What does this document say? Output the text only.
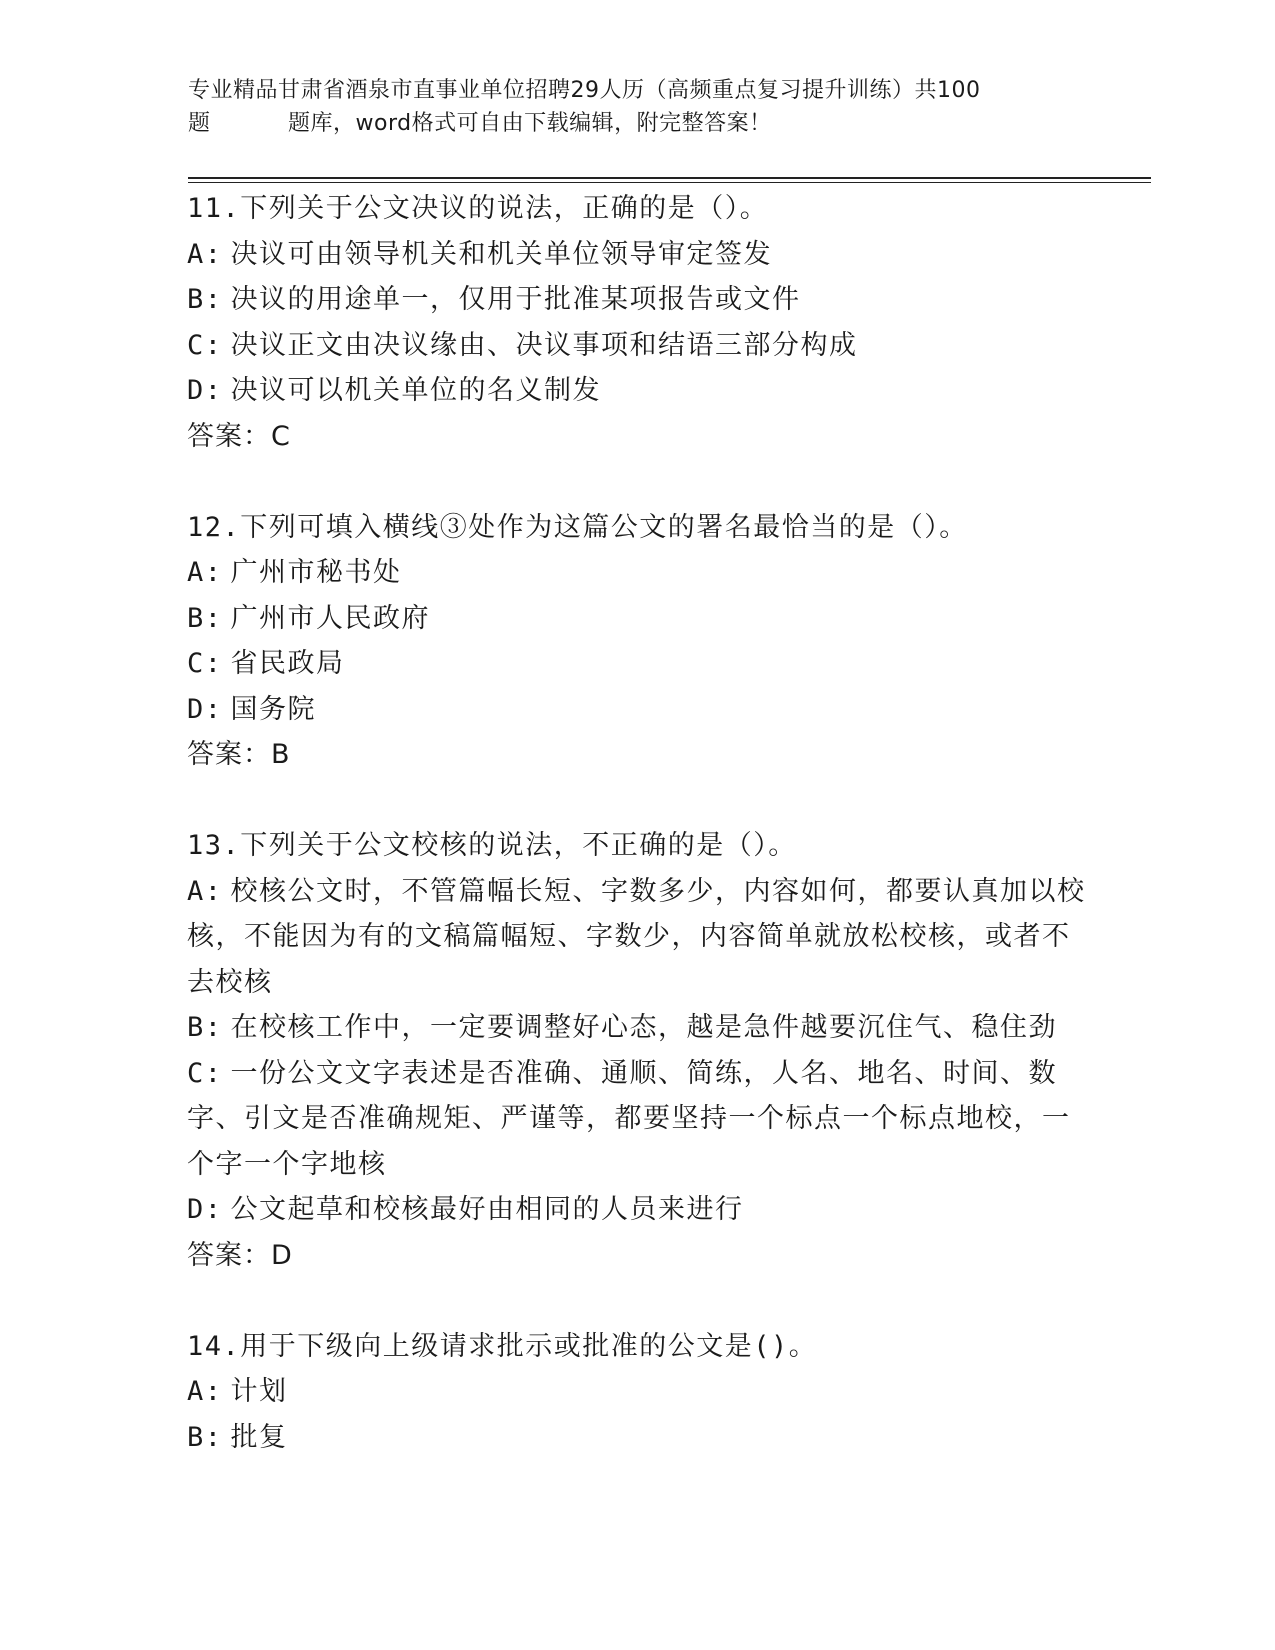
专业精品甘肃省酒泉市直事业单位招聘29人历（高频重点复习提升训练）共100
题	题库，word格式可自由下载编辑，附完整答案！

11.下列关于公文决议的说法，正确的是（）。

A: 决议可由领导机关和机关单位领导审定签发

B: 决议的用途单一，仅用于批准某项报告或文件

C: 决议正文由决议缘由、决议事项和结语三部分构成

D: 决议可以机关单位的名义制发

答案：C

12.下列可填入横线③处作为这篇公文的署名最恰当的是（）。

A: 广州市秘书处

B: 广州市人民政府

C: 省民政局

D: 国务院

答案：B

13.下列关于公文校核的说法，不正确的是（）。

A: 校核公文时，不管篇幅长短、字数多少，内容如何，都要认真加以校核，不能因为有的文稿篇幅短、字数少，内容简单就放松校核，或者不去校核

B: 在校核工作中，一定要调整好心态，越是急件越要沉住气、稳住劲

C: 一份公文文字表述是否准确、通顺、简练，人名、地名、时间、数字、引文是否准确规矩、严谨等，都要坚持一个标点一个标点地校，一个字一个字地核

D: 公文起草和校核最好由相同的人员来进行

答案：D

14.用于下级向上级请求批示或批准的公文是()。

A: 计划

B: 批复
